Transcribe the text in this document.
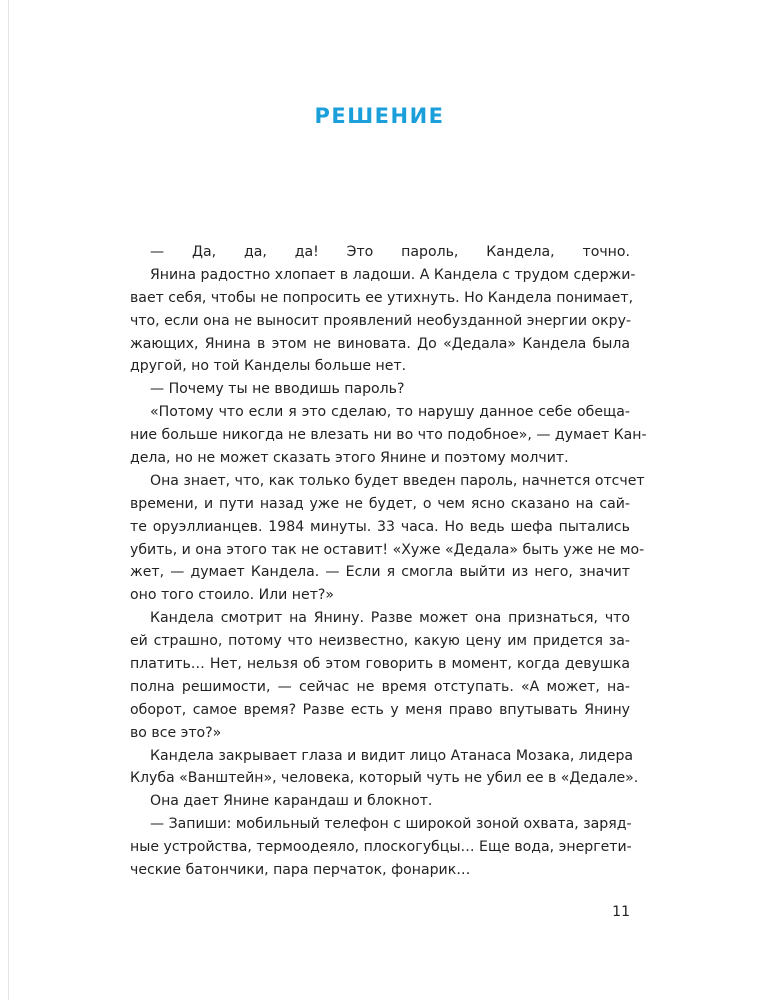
РЕШЕНИЕ
— Да, да, да! Это пароль, Кандела, точно.
Янина радостно хлопает в ладоши. А Кандела с трудом сдержи-
вает себя, чтобы не попросить ее утихнуть. Но Кандела понимает,
что, если она не выносит проявлений необузданной энергии окру-
жающих, Янина в этом не виновата. До «Дедала» Кандела была
другой, но той Канделы больше нет.
— Почему ты не вводишь пароль?
«Потому что если я это сделаю, то нарушу данное себе обеща-
ние больше никогда не влезать ни во что подобное», — думает Кан-
дела, но не может сказать этого Янине и поэтому молчит.
Она знает, что, как только будет введен пароль, начнется отсчет
времени, и пути назад уже не будет, о чем ясно сказано на сай-
те оруэллианцев. 1984 минуты. 33 часа. Но ведь шефа пытались
убить, и она этого так не оставит! «Хуже «Дедала» быть уже не мо-
жет, — думает Кандела. — Если я смогла выйти из него, значит
оно того стоило. Или нет?»
Кандела смотрит на Янину. Разве может она признаться, что
ей страшно, потому что неизвестно, какую цену им придется за-
платить… Нет, нельзя об этом говорить в момент, когда девушка
полна решимости, — сейчас не время отступать. «А может, на-
оборот, самое время? Разве есть у меня право впутывать Янину
во все это?»
Кандела закрывает глаза и видит лицо Атанаса Мозака, лидера
Клуба «Ванштейн», человека, который чуть не убил ее в «Дедале».
Она дает Янине карандаш и блокнот.
— Запиши: мобильный телефон с широкой зоной охвата, заряд-
ные устройства, термоодеяло, плоскогубцы… Еще вода, энергети-
ческие батончики, пара перчаток, фонарик…
11
